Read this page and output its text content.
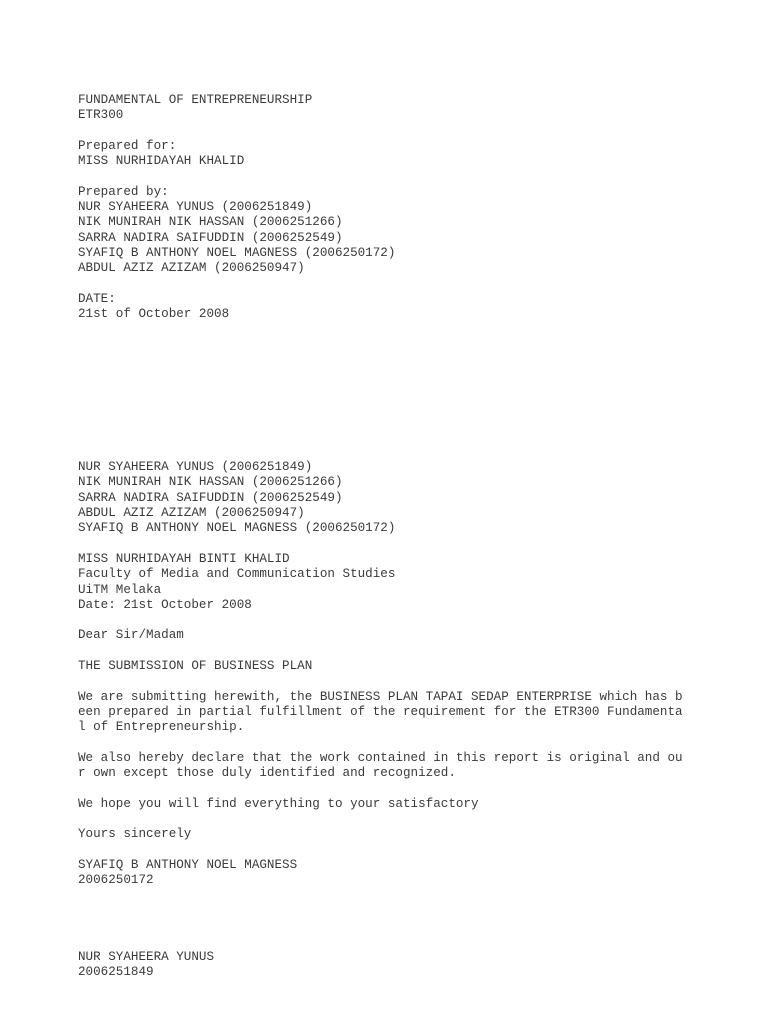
FUNDAMENTAL OF ENTREPRENEURSHIP
ETR300
Prepared for:
MISS NURHIDAYAH KHALID
Prepared by:
NUR SYAHEERA YUNUS (2006251849)
NIK MUNIRAH NIK HASSAN (2006251266)
SARRA NADIRA SAIFUDDIN (2006252549)
SYAFIQ B ANTHONY NOEL MAGNESS (2006250172)
ABDUL AZIZ AZIZAM (2006250947)
DATE:
21st of October 2008
NUR SYAHEERA YUNUS (2006251849)
NIK MUNIRAH NIK HASSAN (2006251266)
SARRA NADIRA SAIFUDDIN (2006252549)
ABDUL AZIZ AZIZAM (2006250947)
SYAFIQ B ANTHONY NOEL MAGNESS (2006250172)
MISS NURHIDAYAH BINTI KHALID
Faculty of Media and Communication Studies
UiTM Melaka
Date: 21st October 2008
Dear Sir/Madam
THE SUBMISSION OF BUSINESS PLAN
We are submitting herewith, the BUSINESS PLAN TAPAI SEDAP ENTERPRISE which has b
een prepared in partial fulfillment of the requirement for the ETR300 Fundamenta
l of Entrepreneurship.
We also hereby declare that the work contained in this report is original and ou
r own except those duly identified and recognized.
We hope you will find everything to your satisfactory
Yours sincerely
SYAFIQ B ANTHONY NOEL MAGNESS
2006250172
NUR SYAHEERA YUNUS
2006251849
